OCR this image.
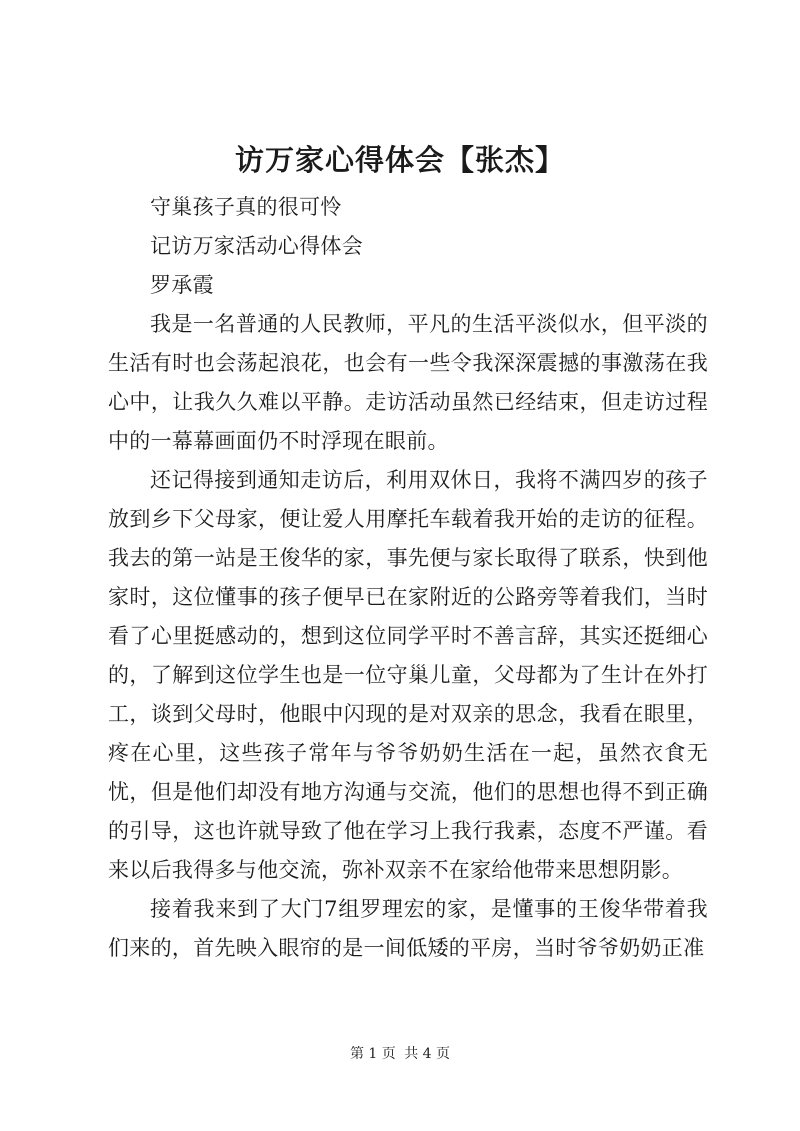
访万家心得体会【张杰】

守巢孩子真的很可怜

记访万家活动心得体会

罗承霞

我是一名普通的人民教师，平凡的生活平淡似水，但平淡的生活有时也会荡起浪花，也会有一些令我深深震撼的事激荡在我心中，让我久久难以平静。走访活动虽然已经结束，但走访过程中的一幕幕画面仍不时浮现在眼前。

还记得接到通知走访后，利用双休日，我将不满四岁的孩子放到乡下父母家，便让爱人用摩托车载着我开始的走访的征程。我去的第一站是王俊华的家，事先便与家长取得了联系，快到他家时，这位懂事的孩子便早已在家附近的公路旁等着我们，当时看了心里挺感动的，想到这位同学平时不善言辞，其实还挺细心的，了解到这位学生也是一位守巢儿童，父母都为了生计在外打工，谈到父母时，他眼中闪现的是对双亲的思念，我看在眼里，疼在心里，这些孩子常年与爷爷奶奶生活在一起，虽然衣食无忧，但是他们却没有地方沟通与交流，他们的思想也得不到正确的引导，这也许就导致了他在学习上我行我素，态度不严谨。看来以后我得多与他交流，弥补双亲不在家给他带来思想阴影。

接着我来到了大门7组罗理宏的家，是懂事的王俊华带着我们来的，首先映入眼帘的是一间低矮的平房，当时爷爷奶奶正准

第 1 页 共 4 页
